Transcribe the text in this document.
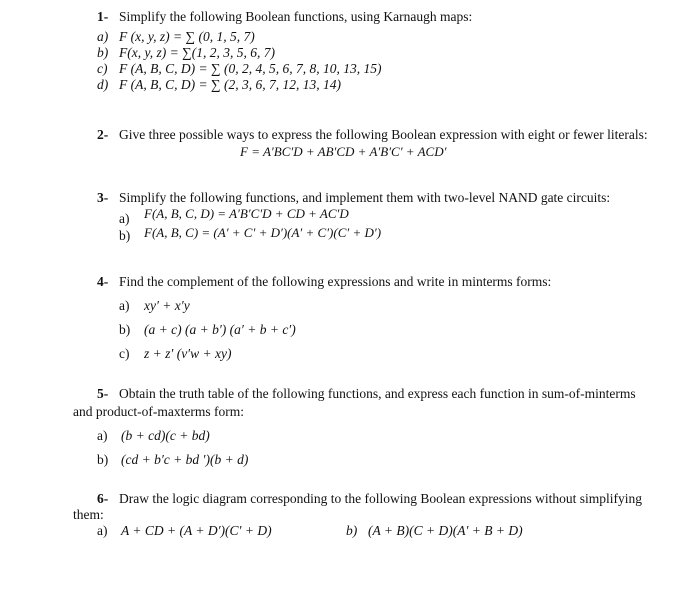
1- Simplify the following Boolean functions, using Karnaugh maps:
a) F (x, y, z) = ∑ (0, 1, 5, 7)
b) F(x, y, z) = ∑(1, 2, 3, 5, 6, 7)
c) F (A, B, C, D) = ∑ (0, 2, 4, 5, 6, 7, 8, 10, 13, 15)
d) F (A, B, C, D) = ∑ (2, 3, 6, 7, 12, 13, 14)
2- Give three possible ways to express the following Boolean expression with eight or fewer literals:
F = A′BC′D + AB′CD + A′B′C′ + ACD′
3- Simplify the following functions, and implement them with two-level NAND gate circuits:
a) F(A, B, C, D) = A′B′C′D + CD + AC′D
b) F(A, B, C) = (A′ + C′ + D′)(A′ + C′)(C′ + D′)
4- Find the complement of the following expressions and write in minterms forms:
a) xy′ + x′y
b) (a + c) (a + b′) (a′ + b + c′)
c) z + z′ (v′w + xy)
5- Obtain the truth table of the following functions, and express each function in sum-of-minterms
and product-of-maxterms form:
a) (b + cd)(c + bd)
b) (cd + b′c + bd ′)(b + d)
6- Draw the logic diagram corresponding to the following Boolean expressions without simplifying
them:
a) A + CD + (A + D′)(C′ + D)	b) (A + B)(C + D)(A′ + B + D)
